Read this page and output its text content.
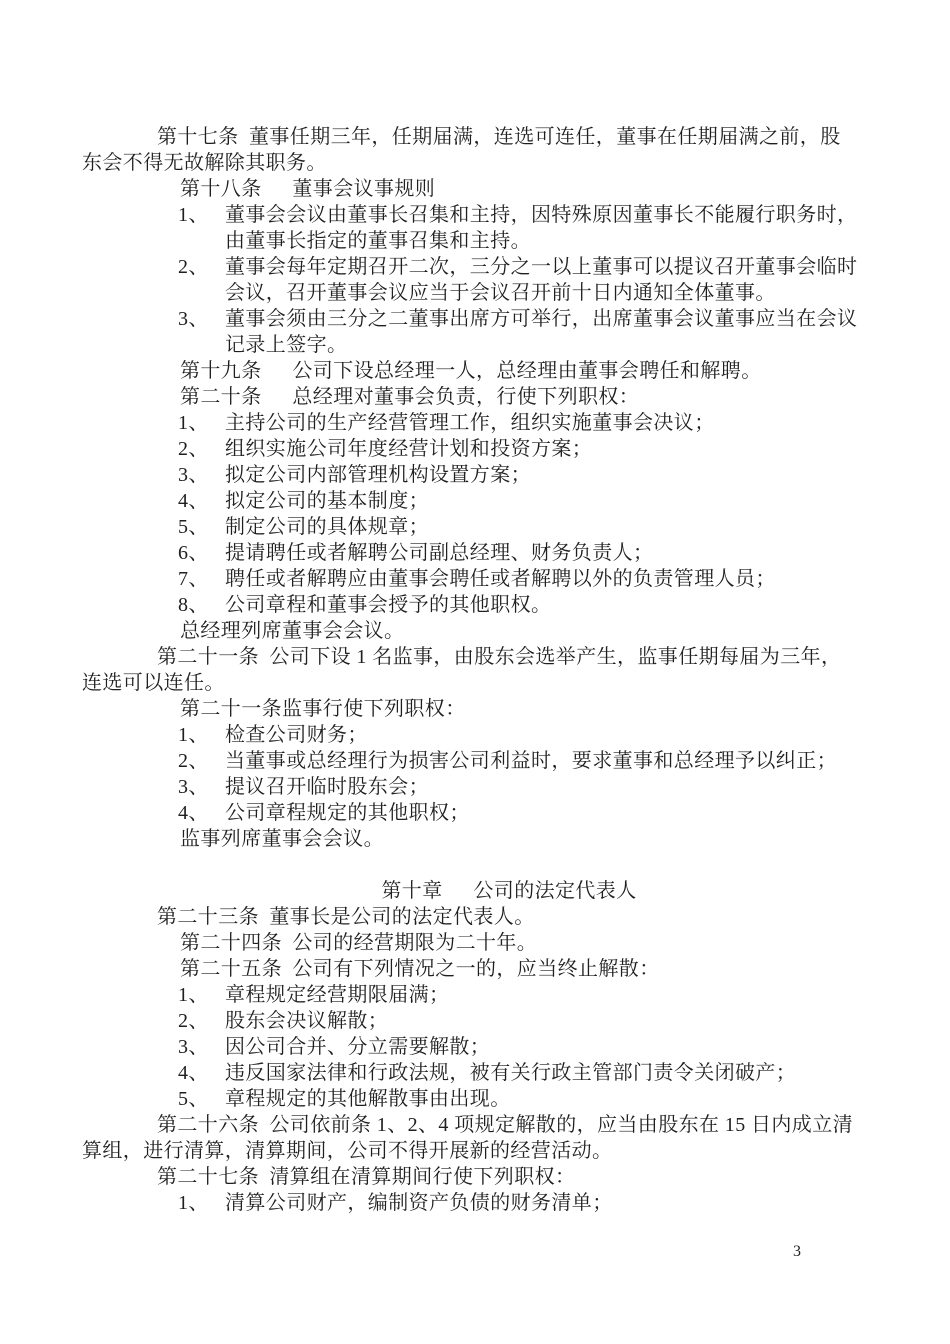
第十七条 董事任期三年，任期届满，连选可连任，董事在任期届满之前，股
东会不得无故解除其职务。
第十八条　 董事会议事规则
1、 董事会会议由董事长召集和主持，因特殊原因董事长不能履行职务时，
由董事长指定的董事召集和主持。
2、 董事会每年定期召开二次，三分之一以上董事可以提议召开董事会临时
会议，召开董事会议应当于会议召开前十日内通知全体董事。
3、 董事会须由三分之二董事出席方可举行，出席董事会议董事应当在会议
记录上签字。
第十九条　 公司下设总经理一人，总经理由董事会聘任和解聘。
第二十条　 总经理对董事会负责，行使下列职权：
1、 主持公司的生产经营管理工作，组织实施董事会决议；
2、 组织实施公司年度经营计划和投资方案；
3、 拟定公司内部管理机构设置方案；
4、 拟定公司的基本制度；
5、 制定公司的具体规章；
6、 提请聘任或者解聘公司副总经理、财务负责人；
7、 聘任或者解聘应由董事会聘任或者解聘以外的负责管理人员；
8、 公司章程和董事会授予的其他职权。
总经理列席董事会会议。
第二十一条 公司下设 1 名监事，由股东会选举产生，监事任期每届为三年，
连选可以连任。
第二十一条监事行使下列职权：
1、 检查公司财务；
2、 当董事或总经理行为损害公司利益时，要求董事和总经理予以纠正；
3、 提议召开临时股东会；
4、 公司章程规定的其他职权；
监事列席董事会会议。
第十章　 公司的法定代表人
第二十三条 董事长是公司的法定代表人。
第二十四条 公司的经营期限为二十年。
第二十五条 公司有下列情况之一的，应当终止解散：
1、 章程规定经营期限届满；
2、 股东会决议解散；
3、 因公司合并、分立需要解散；
4、 违反国家法律和行政法规，被有关行政主管部门责令关闭破产；
5、 章程规定的其他解散事由出现。
第二十六条 公司依前条 1、2、4 项规定解散的，应当由股东在 15 日内成立清
算组，进行清算，清算期间，公司不得开展新的经营活动。
第二十七条 清算组在清算期间行使下列职权：
1、 清算公司财产，编制资产负债的财务清单；
3
